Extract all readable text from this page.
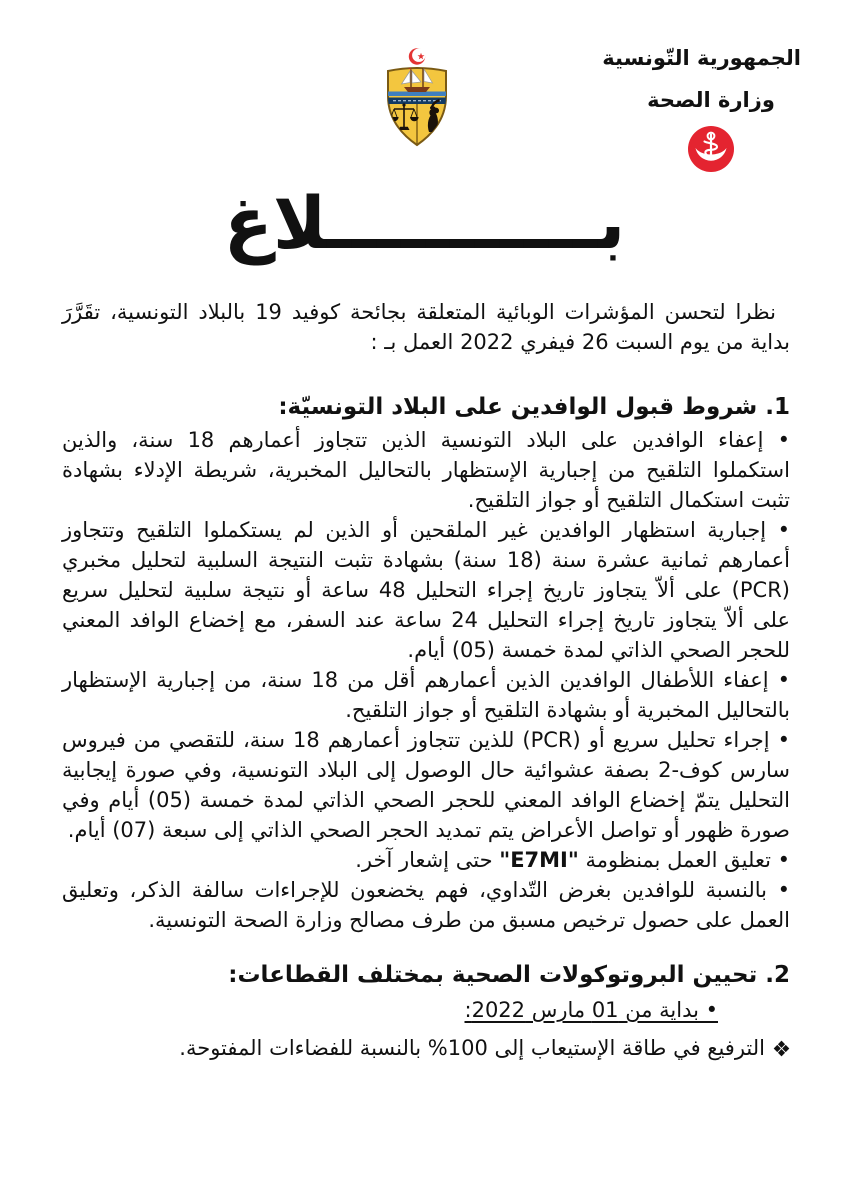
الجمهورية التّونسية
وزارة الصحة
بـــــــــــلاغ

نظرا لتحسن المؤشرات الوبائية المتعلقة بجائحة كوفيد 19 بالبلاد التونسية، تقَرَّرَ بداية من يوم السبت 26 فيفري 2022 العمل بـ :

1. شروط قبول الوافدين على البلاد التونسيّة:

• إعفاء الوافدين على البلاد التونسية الذين تتجاوز أعمارهم 18 سنة، والذين استكملوا التلقيح من إجبارية الإستظهار بالتحاليل المخبرية، شريطة الإدلاء بشهادة تثبت استكمال التلقيح أو جواز التلقيح.

• إجبارية استظهار الوافدين غير الملقحين أو الذين لم يستكملوا التلقيح وتتجاوز أعمارهم ثمانية عشرة سنة (18 سنة) بشهادة تثبت النتيجة السلبية لتحليل مخبري (PCR) على ألاّ يتجاوز تاريخ إجراء التحليل 48 ساعة أو نتيجة سلبية لتحليل سريع على ألاّ يتجاوز تاريخ إجراء التحليل 24 ساعة عند السفر، مع إخضاع الوافد المعني للحجر الصحي الذاتي لمدة خمسة (05) أيام.

• إعفاء اللأطفال الوافدين الذين أعمارهم أقل من 18 سنة، من إجبارية الإستظهار بالتحاليل المخبرية أو بشهادة التلقيح أو جواز التلقيح.

• إجراء تحليل سريع أو (PCR) للذين تتجاوز أعمارهم 18 سنة، للتقصي من فيروس سارس كوف-2 بصفة عشوائية حال الوصول إلى البلاد التونسية، وفي صورة إيجابية التحليل يتمّ إخضاع الوافد المعني للحجر الصحي الذاتي لمدة خمسة (05) أيام وفي صورة ظهور أو تواصل الأعراض يتم تمديد الحجر الصحي الذاتي إلى سبعة (07) أيام.

• تعليق العمل بمنظومة "E7MI" حتى إشعار آخر.

• بالنسبة للوافدين بغرض التّداوي، فهم يخضعون للإجراءات سالفة الذكر، وتعليق العمل على حصول ترخيص مسبق من طرف مصالح وزارة الصحة التونسية.

2. تحيين البروتوكولات الصحية بمختلف القطاعات:

• بداية من 01 مارس 2022:

الترفيع في طاقة الإستيعاب إلى 100% بالنسبة للفضاءات المفتوحة.
